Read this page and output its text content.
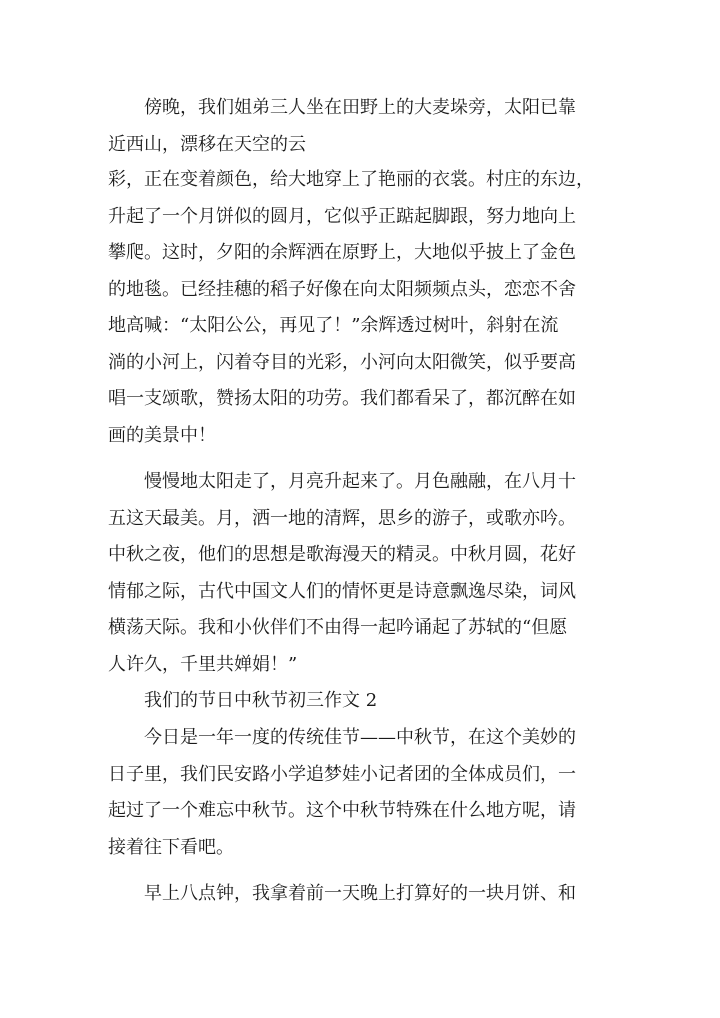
傍晚，我们姐弟三人坐在田野上的大麦垛旁，太阳已靠
近西山，漂移在天空的云

彩，正在变着颜色，给大地穿上了艳丽的衣裳。村庄的东边，
升起了一个月饼似的圆月，它似乎正踮起脚跟，努力地向上
攀爬。这时，夕阳的余辉洒在原野上，大地似乎披上了金色
的地毯。已经挂穗的稻子好像在向太阳频频点头，恋恋不舍
地高喊：“太阳公公，再见了！”余辉透过树叶，斜射在流
淌的小河上，闪着夺目的光彩，小河向太阳微笑，似乎要高
唱一支颂歌，赞扬太阳的功劳。我们都看呆了，都沉醉在如
画的美景中！

慢慢地太阳走了，月亮升起来了。月色融融，在八月十
五这天最美。月，洒一地的清辉，思乡的游子，或歌亦吟。
中秋之夜，他们的思想是歌海漫天的精灵。中秋月圆，花好
情郁之际，古代中国文人们的情怀更是诗意飘逸尽染，词风
横荡天际。我和小伙伴们不由得一起吟诵起了苏轼的“但愿
人许久，千里共婵娟！”

我们的节日中秋节初三作文 2

今日是一年一度的传统佳节——中秋节，在这个美妙的
日子里，我们民安路小学追梦娃小记者团的全体成员们，一
起过了一个难忘中秋节。这个中秋节特殊在什么地方呢，请
接着往下看吧。

早上八点钟，我拿着前一天晚上打算好的一块月饼、和
